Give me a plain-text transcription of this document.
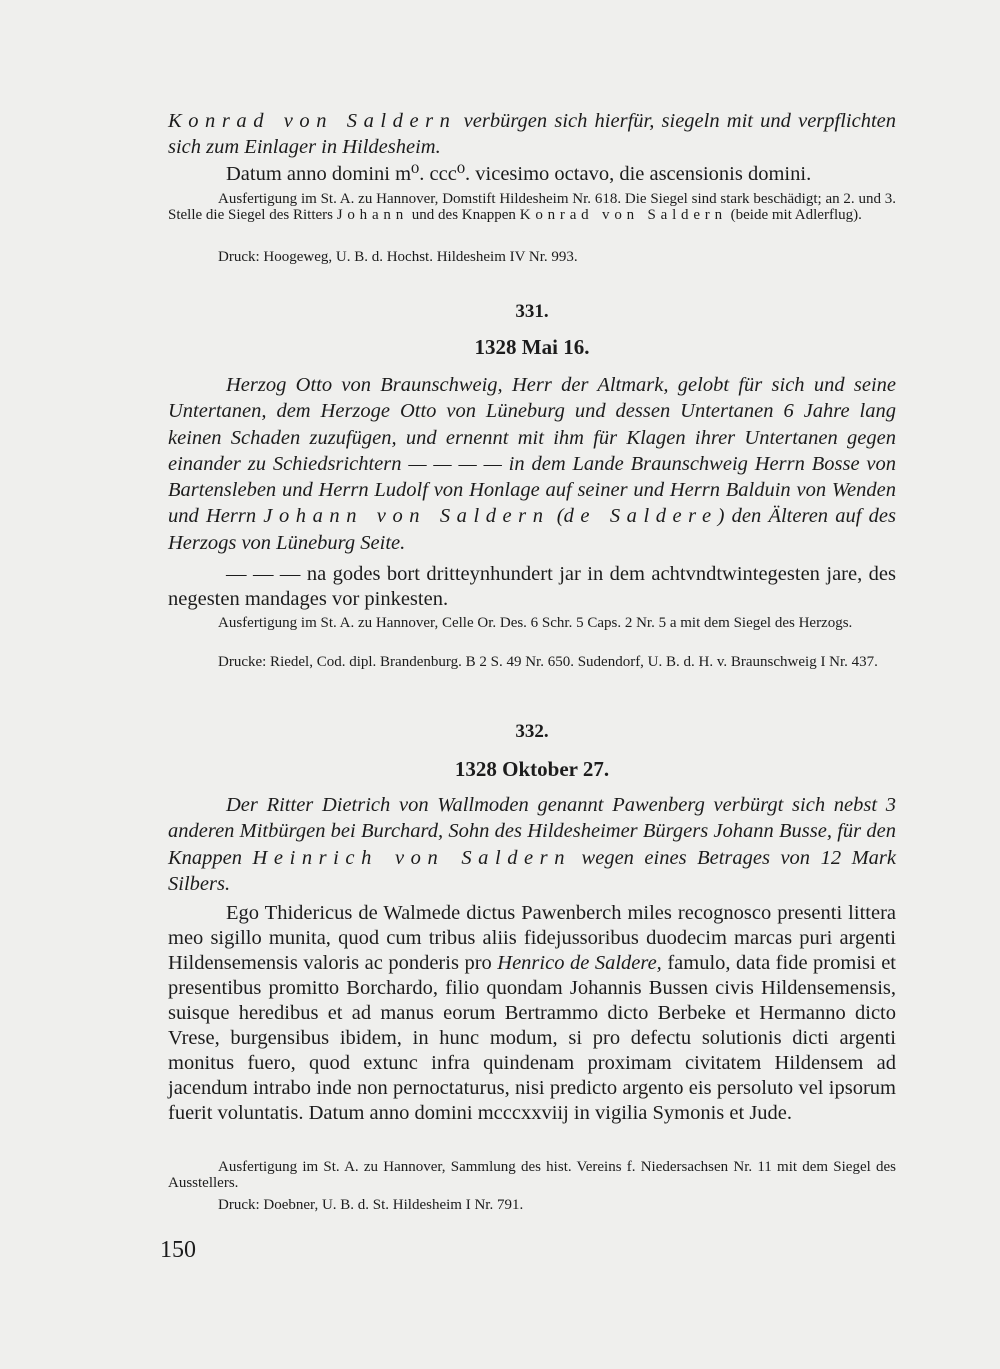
Konrad von Saldern verbürgen sich hierfür, siegeln mit und verpflichten sich zum Einlager in Hildesheim.

Datum anno domini m⁰. ccc⁰. vicesimo octavo, die ascensionis domini.

Ausfertigung im St. A. zu Hannover, Domstift Hildesheim Nr. 618. Die Siegel sind stark beschädigt; an 2. und 3. Stelle die Siegel des Ritters Johann und des Knappen Konrad von Saldern (beide mit Adlerflug).

Druck: Hoogeweg, U. B. d. Hochst. Hildesheim IV Nr. 993.

331.

1328 Mai 16.

Herzog Otto von Braunschweig, Herr der Altmark, gelobt für sich und seine Untertanen, dem Herzoge Otto von Lüneburg und dessen Untertanen 6 Jahre lang keinen Schaden zuzufügen, und ernennt mit ihm für Klagen ihrer Untertanen gegen einander zu Schiedsrichtern — — — — in dem Lande Braunschweig Herrn Bosse von Bartensleben und Herrn Ludolf von Honlage auf seiner und Herrn Balduin von Wenden und Herrn Johann von Saldern (de Saldere) den Älteren auf des Herzogs von Lüneburg Seite.

— — — na godes bort dritteynhundert jar in dem achtvndtwintegesten jare, des negesten mandages vor pinkesten.

Ausfertigung im St. A. zu Hannover, Celle Or. Des. 6 Schr. 5 Caps. 2 Nr. 5 a mit dem Siegel des Herzogs.

Drucke: Riedel, Cod. dipl. Brandenburg. B 2 S. 49 Nr. 650. Sudendorf, U. B. d. H. v. Braunschweig I Nr. 437.

332.

1328 Oktober 27.

Der Ritter Dietrich von Wallmoden genannt Pawenberg verbürgt sich nebst 3 anderen Mitbürgen bei Burchard, Sohn des Hildesheimer Bürgers Johann Busse, für den Knappen Heinrich von Saldern wegen eines Betrages von 12 Mark Silbers.

Ego Thidericus de Walmede dictus Pawenberch miles recognosco presenti littera meo sigillo munita, quod cum tribus aliis fidejussoribus duodecim marcas puri argenti Hildensemensis valoris ac ponderis pro Henrico de Saldere, famulo, data fide promisi et presentibus promitto Borchardo, filio quondam Johannis Bussen civis Hildensemensis, suisque heredibus et ad manus eorum Bertrammo dicto Berbeke et Hermanno dicto Vrese, burgensibus ibidem, in hunc modum, si pro defectu solutionis dicti argenti monitus fuero, quod extunc infra quindenam proximam civitatem Hildensem ad jacendum intrabo inde non pernoctaturus, nisi predicto argento eis persoluto vel ipsorum fuerit voluntatis. Datum anno domini mcccxxviij in vigilia Symonis et Jude.

Ausfertigung im St. A. zu Hannover, Sammlung des hist. Vereins f. Niedersachsen Nr. 11 mit dem Siegel des Ausstellers.

Druck: Doebner, U. B. d. St. Hildesheim I Nr. 791.

150
